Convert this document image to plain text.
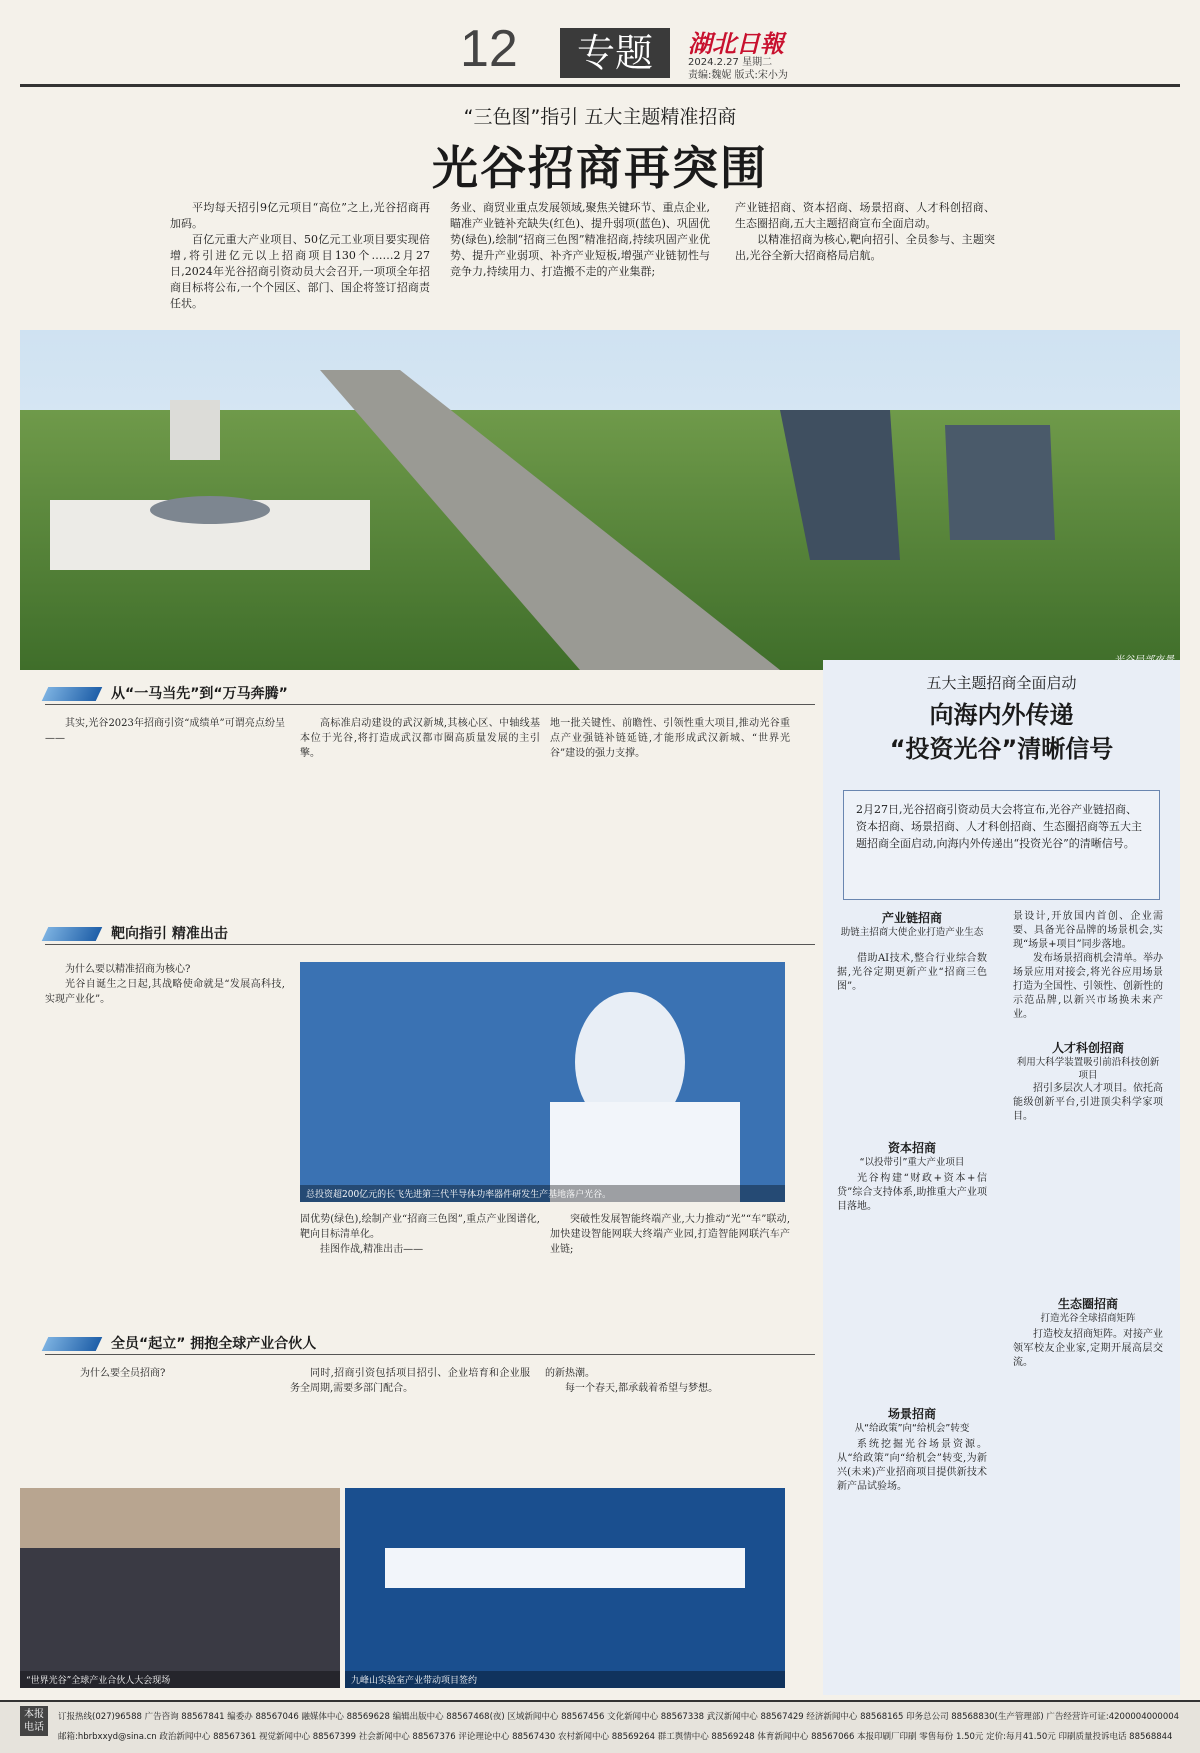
12	专题	湖北日報
2024.2.27 星期二
责编:魏妮 版式:宋小为
“三色图”指引 五大主题精准招商
光谷招商再突围

平均每天招引9亿元项目“高位”之上,光谷招商再加码。

百亿元重大产业项目、50亿元工业项目要实现倍增,将引进亿元以上招商项目130个……2月27日,2024年光谷招商引资动员大会召开,一项项全年招商目标将公布,一个个园区、部门、国企将签订招商责任状。

务业、商贸业重点发展领域,聚焦关键环节、重点企业,瞄准产业链补充缺失(红色)、提升弱项(蓝色)、巩固优势(绿色),绘制“招商三色图”精准招商,持续巩固产业优势、提升产业弱项、补齐产业短板,增强产业链韧性与竞争力,持续用力、打造搬不走的产业集群;

产业链招商、资本招商、场景招商、人才科创招商、生态圈招商,五大主题招商宣布全面启动。

以精准招商为核心,靶向招引、全员参与、主题突出,光谷全新大招商格局启航。

从“一马当先”到“万马奔腾”

其实,光谷2023年招商引资“成绩单”可谓亮点纷呈——

高标准启动建设的武汉新城,其核心区、中轴线基本位于光谷,将打造成武汉都市圈高质量发展的主引擎。

地一批关键性、前瞻性、引领性重大项目,推动光谷重点产业强链补链延链,才能形成武汉新城、“世界光谷”建设的强力支撑。

靶向指引 精准出击

为什么要以精准招商为核心?

光谷自诞生之日起,其战略使命就是“发展高科技,实现产业化”。

总投资超200亿元的长飞先进第三代半导体功率器件研发生产基地落户光谷。

固优势(绿色),绘制产业“招商三色图”,重点产业图谱化,靶向目标清单化。

挂图作战,精准出击——

突破性发展智能终端产业,大力推动“光”“车”联动,加快建设智能网联大终端产业园,打造智能网联汽车产业链;

全员“起立” 拥抱全球产业合伙人

为什么要全员招商?	同时,招商引资包括项目招引、企业培育和企业服务全周期,需要多部门配合。

的新热潮。

每一个春天,都承载着希望与梦想。

“世界光谷”全球产业合伙人大会现场	九峰山实验室产业带动项目签约
五大主题招商全面启动
向海内外传递
“投资光谷”清晰信号
2月27日,光谷招商引资动员大会将宣布,光谷产业链招商、资本招商、场景招商、人才科创招商、生态圈招商等五大主题招商全面启动,向海内外传递出“投资光谷”的清晰信号。
产业链招商
助链主招商大使企业打造产业生态

借助AI技术,整合行业综合数据,光谷定期更新产业“招商三色图”。

资本招商
“以投带引”重大产业项目

光谷构建“财政+资本+信贷”综合支持体系,助推重大产业项目落地。

场景招商
从“给政策”向“给机会”转变

系统挖掘光谷场景资源。从“给政策”向“给机会”转变,为新兴(未来)产业招商项目提供新技术新产品试验场。

景设计,开放国内首创、企业需要、具备光谷品牌的场景机会,实现“场景+项目”同步落地。

发布场景招商机会清单。举办场景应用对接会,将光谷应用场景打造为全国性、引领性、创新性的示范品牌,以新兴市场换未来产业。

人才科创招商
利用大科学装置吸引前沿科技创新项目

招引多层次人才项目。依托高能级创新平台,引进顶尖科学家项目。

生态圈招商
打造光谷全球招商矩阵

打造校友招商矩阵。对接产业领军校友企业家,定期开展高层交流。

本报电话
订报热线(027)96588 广告咨询 88567841 编委办 88567046 融媒体中心 88569628 编辑出版中心 88567468(夜) 区域新闻中心 88567456 文化新闻中心 88567338 武汉新闻中心 88567429 经济新闻中心 88568165 印务总公司 88568830(生产管理部) 广告经营许可证:4200004000004
邮箱:hbrbxxyd@sina.cn 政治新闻中心 88567361 视觉新闻中心 88567399 社会新闻中心 88567376 评论理论中心 88567430 农村新闻中心 88569264 群工舆情中心 88569248 体育新闻中心 88567066 本报印刷厂印刷 零售每份 1.50元 定价:每月41.50元 印刷质量投诉电话 88568844
